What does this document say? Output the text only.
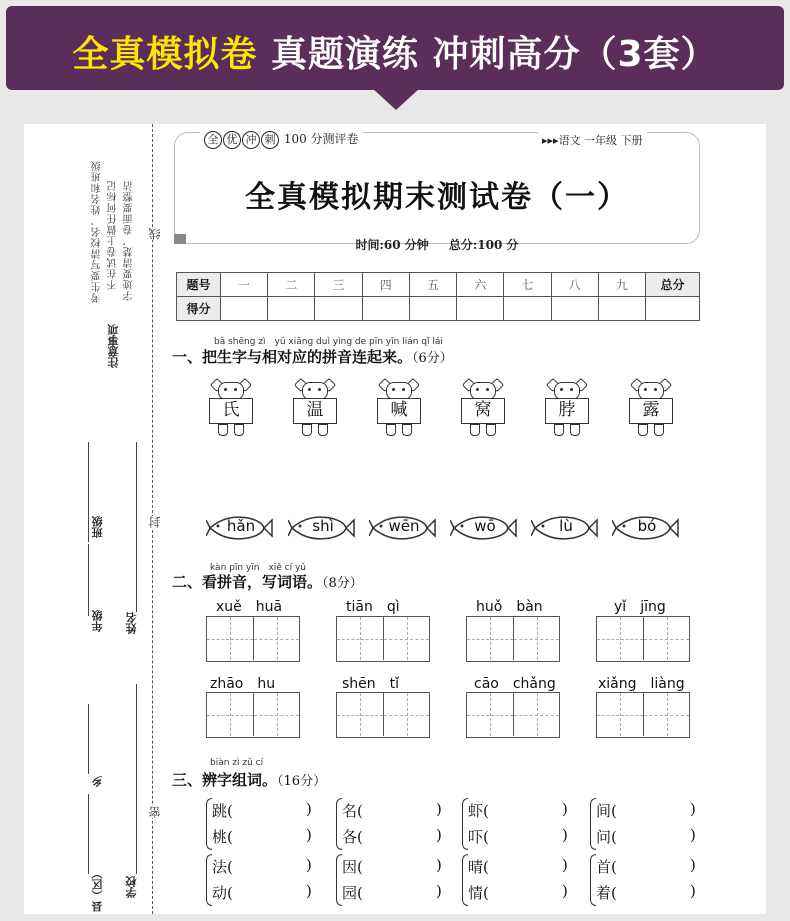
全真模拟卷 真题演练 冲刺高分（3套）
考生要写清校名、姓名和班级 不在试卷上做任何标记 字迹要清楚，卷面要整洁
注意事项
班级
年级 姓名
乡
县（区） 学校
线
封
密
全 优 冲 刺 100 分测评卷	▸▸▸语文 一年级 下册
全真模拟期末测试卷（一）
时间:60 分钟 总分:100 分
题号	一	二	三	四	五	六	七	八	九	总分
得分										
bǎ shēng zì　yǔ xiāng duì yìng de pīn yīn lián qǐ lái
一、把生字与相对应的拼音连起来。（6分）
氏	温	喊	窝	脖	露
hǎn	shì	wēn	wō	lù	bó
kàn pīn yīn　xiě cí yǔ
二、看拼音，写词语。（8分）
xuě　 huā	tiān　 qì	huǒ　 bàn	yǐ　 jīng
zhāo　 hu	shēn　 tǐ	cāo　 chǎng	xiǎng　 liàng
biàn zì zǔ cí
三、辨字组词。（16分）
跳(	)
桃(	)
名(	)
各(	)
虾(	)
吓(	)
间(	)
问(	)
法(	)
动(	)
因(	)
园(	)
晴(	)
情(	)
首(	)
着(	)
